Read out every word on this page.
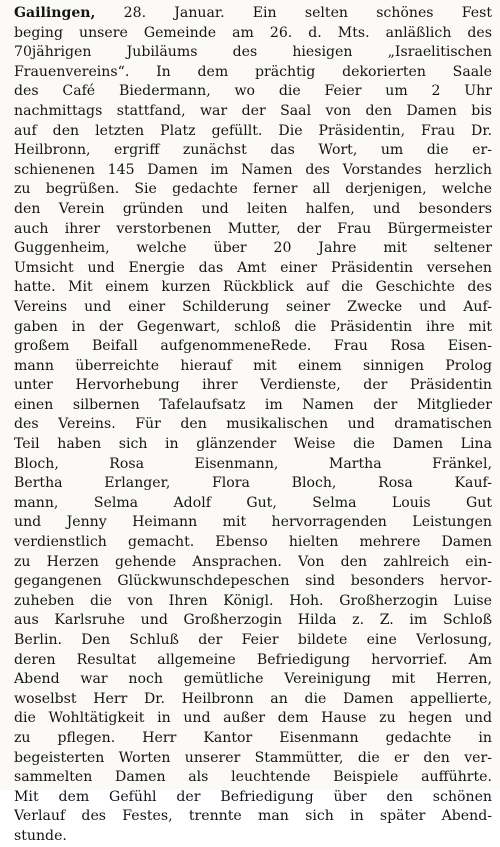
Gailingen, 28. Januar. Ein selten schönes Fest
beging unsere Gemeinde am 26. d. Mts. anläßlich des
70jährigen Jubiläums des hiesigen „Israelitischen
Frauenvereins“. In dem prächtig dekorierten Saale
des Café Biedermann, wo die Feier um 2 Uhr
nachmittags stattfand, war der Saal von den Damen bis
auf den letzten Platz gefüllt. Die Präsidentin, Frau Dr.
Heilbronn, ergriff zunächst das Wort, um die er-
schienenen 145 Damen im Namen des Vorstandes herzlich
zu begrüßen. Sie gedachte ferner all derjenigen, welche
den Verein gründen und leiten halfen, und besonders
auch ihrer verstorbenen Mutter, der Frau Bürgermeister
Guggenheim, welche über 20 Jahre mit seltener
Umsicht und Energie das Amt einer Präsidentin versehen
hatte. Mit einem kurzen Rückblick auf die Geschichte des
Vereins und einer Schilderung seiner Zwecke und Auf-
gaben in der Gegenwart, schloß die Präsidentin ihre mit
großem Beifall aufgenommeneRede. Frau Rosa Eisen-
mann überreichte hierauf mit einem sinnigen Prolog
unter Hervorhebung ihrer Verdienste, der Präsidentin
einen silbernen Tafelaufsatz im Namen der Mitglieder
des Vereins. Für den musikalischen und dramatischen
Teil haben sich in glänzender Weise die Damen Lina
Bloch, Rosa Eisenmann, Martha Fränkel,
Bertha Erlanger, Flora Bloch, Rosa Kauf-
mann, Selma Adolf Gut, Selma Louis Gut
und Jenny Heimann mit hervorragenden Leistungen
verdienstlich gemacht. Ebenso hielten mehrere Damen
zu Herzen gehende Ansprachen. Von den zahlreich ein-
gegangenen Glückwunschdepeschen sind besonders hervor-
zuheben die von Ihren Königl. Hoh. Großherzogin Luise
aus Karlsruhe und Großherzogin Hilda z. Z. im Schloß
Berlin. Den Schluß der Feier bildete eine Verlosung,
deren Resultat allgemeine Befriedigung hervorrief. Am
Abend war noch gemütliche Vereinigung mit Herren,
woselbst Herr Dr. Heilbronn an die Damen appellierte,
die Wohltätigkeit in und außer dem Hause zu hegen und
zu pflegen. Herr Kantor Eisenmann gedachte in
begeisterten Worten unserer Stammütter, die er den ver-
sammelten Damen als leuchtende Beispiele aufführte.
Mit dem Gefühl der Befriedigung über den schönen
Verlauf des Festes, trennte man sich in später Abend-
stunde.
